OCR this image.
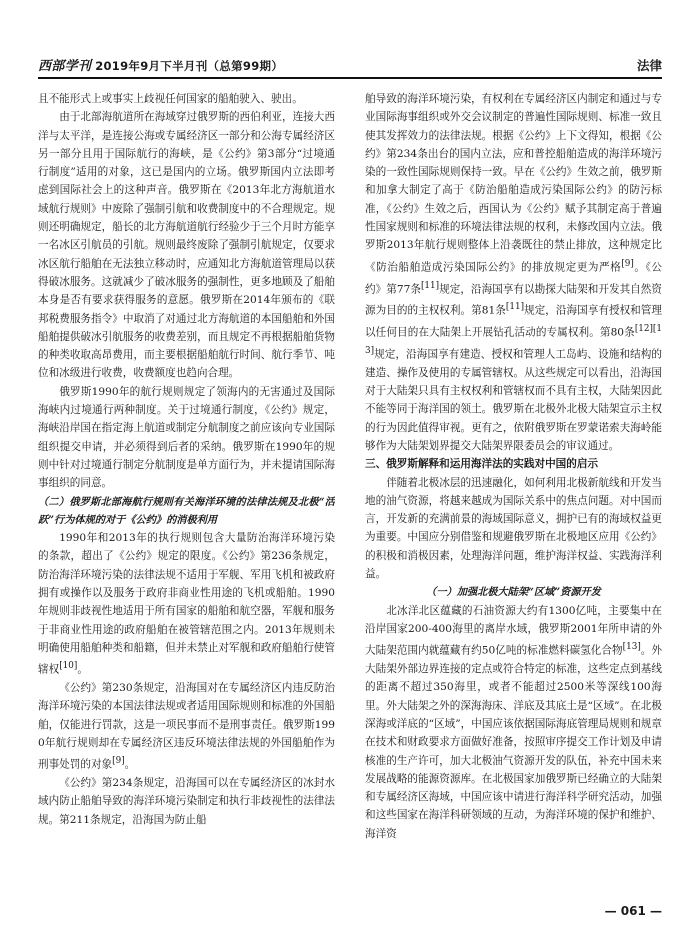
西部学刊 2019年9月下半月刊（总第99期）	法律

且不能形式上或事实上歧视任何国家的船舶驶入、驶出。

由于北部海航道所在海域穿过俄罗斯的西伯利亚，连接大西洋与太平洋，是连接公海或专属经济区一部分和公海专属经济区另一部分且用于国际航行的海峡，是《公约》第3部分“过境通行制度”适用的对象，这已是国内的立场。俄罗斯国内立法即考虑到国际社会上的这种声音。俄罗斯在《2013年北方海航道水域航行规则》中废除了强制引航和收费制度中的不合理规定。规则还明确规定，船长的北方海航道航行经验少于三个月时方能享一名冰区引航员的引航。规则最终废除了强制引航规定，仅要求冰区航行船舶在无法独立移动时，应通知北方海航道管理局以获得破冰服务。这就减少了破冰服务的强制性，更多地顾及了船舶本身是否有要求获得服务的意愿。俄罗斯在2014年颁布的《联邦税费服务指令》中取消了对通过北方海航道的本国船舶和外国船舶提供破冰引航服务的收费差别，而且规定不再根据船舶货物的种类收取高昂费用，而主要根据船舶航行时间、航行季节、吨位和冰级进行收费，收费额度也趋向合理。

俄罗斯1990年的航行规则规定了领海内的无害通过及国际海峡内过境通行两种制度。关于过境通行制度，《公约》规定，海峡沿岸国在指定海上航道或制定分航制度之前应该向专业国际组织提交申请，并必须得到后者的采纳。俄罗斯在1990年的规则中针对过境通行制定分航制度是单方面行为，并未提请国际海事组织的同意。

（二）俄罗斯北部海航行规则有关海洋环境的法律法规及北极“活跃”行为体规的对于《公约》的消极利用

1990年和2013年的执行规则包含大量防治海洋环境污染的条款，超出了《公约》规定的限度。《公约》第236条规定，防治海洋环境污染的法律法规不适用于军舰、军用飞机和被政府拥有或操作以及服务于政府非商业性用途的飞机或船舶。1990年规则非歧视性地适用于所有国家的船舶和航空器，军舰和服务于非商业性用途的政府船舶在被管辖范围之内。2013年规则未明确使用船舶种类和船籍，但并未禁止对军舰和政府船舶行使管辖权[10]。

《公约》第230条规定，沿海国对在专属经济区内违反防治海洋环境污染的本国法律法规或者适用国际规则和标准的外国船舶，仅能进行罚款，这是一项民事而不是刑事责任。俄罗斯1990年航行规则却在专属经济区违反环境法律法规的外国船舶作为刑事处罚的对象[9]。

《公约》第234条规定，沿海国可以在专属经济区的冰封水域内防止船舶导致的海洋环境污染制定和执行非歧视性的法律法规。第211条规定，沿海国为防止船

舶导致的海洋环境污染，有权利在专属经济区内制定和通过与专业国际海事组织或外交会议制定的普遍性国际规则、标准一致且使其发挥效力的法律法规。根据《公约》上下文得知，根据《公约》第234条出台的国内立法，应和普控船舶造成的海洋环境污染的一致性国际规则保持一致。早在《公约》生效之前，俄罗斯和加拿大制定了高于《防治船舶造成污染国际公约》的防污标准，《公约》生效之后，西国认为《公约》赋予其制定高于普遍性国家规则和标准的环境法律法规的权利，未修改国内立法。俄罗斯2013年航行规则整体上沿袭既往的禁止排放，这种规定比《防治船舶造成污染国际公约》的排放规定更为严格[9]。《公约》第77条[11]规定，沿海国享有以勘探大陆架和开发其自然资源为目的的主权权利。第81条[11]规定，沿海国享有授权和管理以任何目的在大陆架上开展钻孔活动的专属权利。第80条[12][13]规定，沿海国享有建造、授权和管理人工岛屿、设施和结构的建造、操作及使用的专属管辖权。从这些规定可以看出，沿海国对于大陆架只具有主权权利和管辖权而不具有主权，大陆架因此不能等同于海洋国的领土。俄罗斯在北极外北极大陆架宣示主权的行为因此值得审视。更有之，依附俄罗斯在罗蒙诺索夫海岭能够作为大陆架划界提交大陆架界限委员会的审议通过。

三、俄罗斯解释和运用海洋法的实践对中国的启示

伴随着北极冰层的迅速融化，如何利用北极新航线和开发当地的油气资源，将越来越成为国际关系中的焦点问题。对中国而言，开发新的充满前景的海域国际意义，拥护已有的海域权益更为重要。中国应分别借鉴和规避俄罗斯在北极地区应用《公约》的积极和消极因素，处理海洋问题，维护海洋权益、实践海洋利益。

（一）加强北极大陆架“区域”资源开发

北冰洋北区蕴藏的石油资源大约有1300亿吨，主要集中在沿岸国家200-400海里的离岸水域，俄罗斯2001年所申请的外大陆架范围内就蕴藏有约50亿吨的标准燃料碳氢化合物[13]。外大陆架外部边界连接的定点或符合特定的标准，这些定点到基线的距离不超过350海里，或者不能超过2500米等深线100海里。外大陆架之外的深海海床、洋底及其底土是“区域”。在北极深海或洋底的“区域”，中国应该依据国际海底管理局规则和规章在技术和财政要求方面做好准备，按照审序提交工作计划及申请核准的生产许可，加大北极油气资源开发的队伍，补充中国未来发展战略的能源资源库。在北极国家加俄罗斯已经确立的大陆架和专属经济区海域，中国应该中请进行海洋科学研究活动，加强和这些国家在海洋科研领域的互动，为海洋环境的保护和维护、海洋资

— 061 —
